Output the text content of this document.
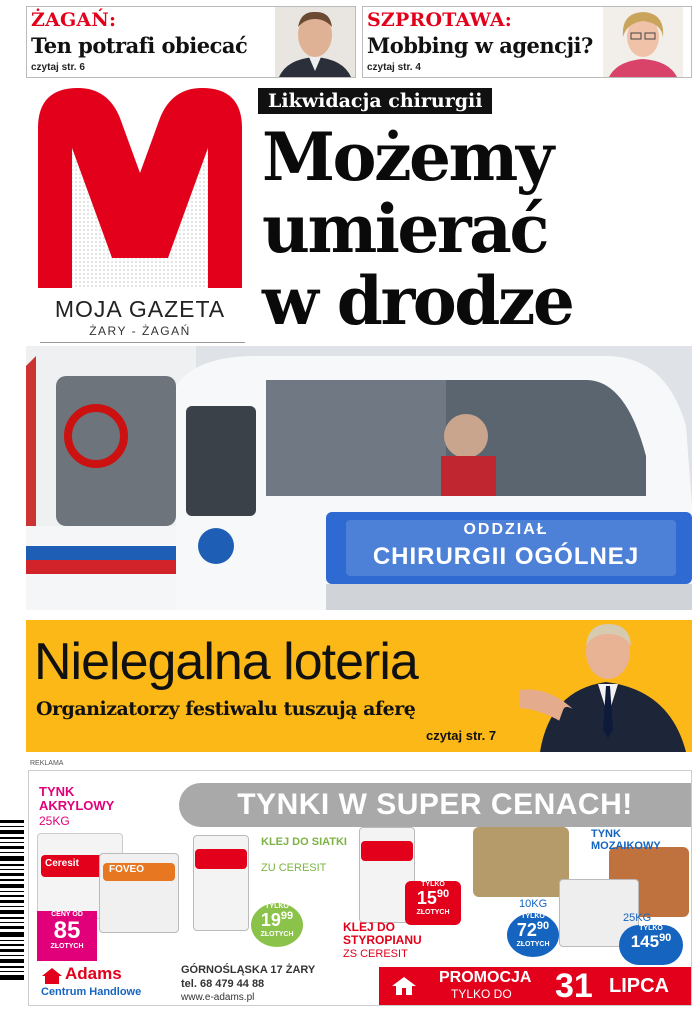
ŻAGAŃ:
Ten potrafi obiecać
czytaj str. 6
SZPROTAWA:
Mobbing w agencji?
czytaj str. 4
MOJA GAZETA
ŻARY - ŻAGAŃ
Likwidacja chirurgii
Możemy
umierać
w drodze
ODDZIAŁ
CHIRURGII OGÓLNEJ
Nielegalna loteria
Organizatorzy festiwalu tuszują aferę
czytaj str. 7
REKLAMA
TYNKI W SUPER CENACH!
TYNK AKRYLOWY
25KG
Ceresit
FOVEO
CENY OD
85
ZŁOTYCH
KLEJ DO SIATKI
ZU CERESIT
TYLKO
$19^{99}$
ZŁOTYCH
TYLKO
$15^{90}$
ZŁOTYCH
KLEJ DO STYROPIANU
ZS CERESIT
TYNK MOZAIKOWY
10KG
TYLKO
$72^{90}$
ZŁOTYCH
25KG
TYLKO
$145^{90}$
Adams
Centrum Handlowe
GÓRNOŚLĄSKA 17 ŻARY
tel. 68 479 44 88
www.e-adams.pl
PROMOCJA
TYLKO DO 31 LIPCA
